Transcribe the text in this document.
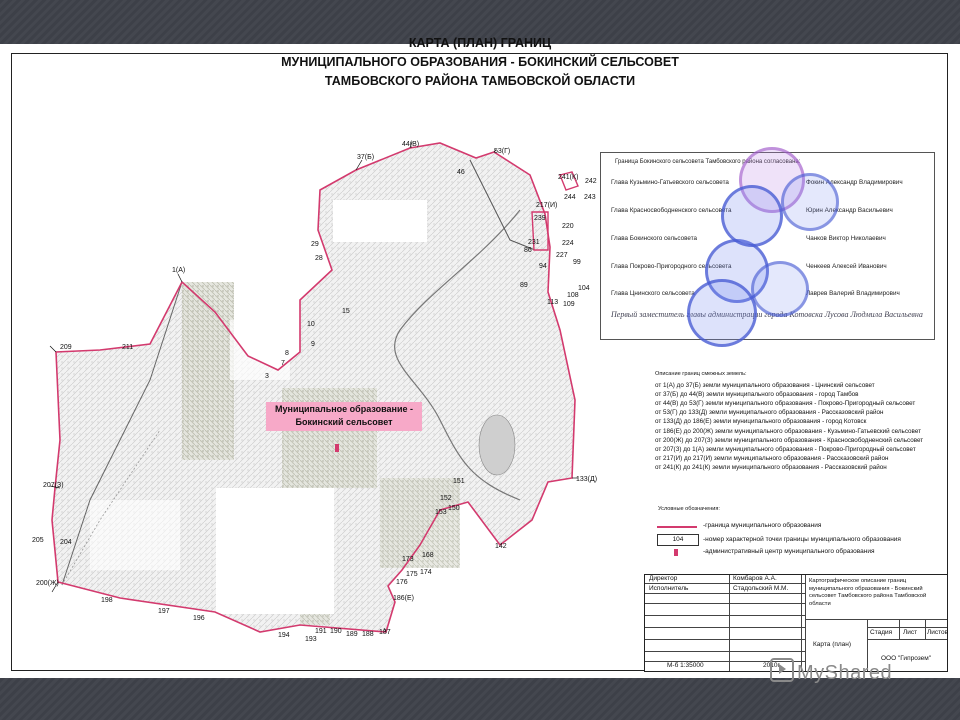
КАРТА (ПЛАН) ГРАНИЦ
МУНИЦИПАЛЬНОГО ОБРАЗОВАНИЯ - БОКИНСКИЙ СЕЛЬСОВЕТ
ТАМБОВСКОГО РАЙОНА ТАМБОВСКОЙ ОБЛАСТИ
44(В)
37(Б)
46
53(Г)
241(К)
242
243
244
217(И)
239
220
231	224
86
227
94
99
89	104
108
113 109
29
28
15
10
9
8
7
3
1(А)
209	211
207(З)
205 204
200(Ж)
198
197
196
194
193
191 190 189 188 187
186(Е)
176
175 174
173
168
151
152
150
153
142
133(Д)
Муниципальное образование -
Бокинский сельсовет
Граница Бокинского сельсовета Тамбовского района согласована:
Глава Кузьмино-Гатьевского сельсовета	Фокин Александр Владимирович
Глава Красносвободненского сельсовета	Юрин Александр Васильевич
Глава Бокинского сельсовета	Чанков Виктор Николаевич
Глава Покрово-Пригородного сельсовета	Ченкеев Алексей Иванович
Глава Цнинского сельсовета	Лаврев Валерий Владимирович
Первый заместитель главы администрации города Котовска Лусова Людмила Васильевна
Описание границ смежных земель:
от 1(А) до 37(Б) земли муниципального образования - Цнинский сельсовет
от 37(Б) до 44(В) земли муниципального образования - город Тамбов
от 44(В) до 53(Г) земли муниципального образования - Покрово-Пригородный сельсовет
от 53(Г) до 133(Д) земли муниципального образования - Рассказовский район
от 133(Д) до 186(Е) земли муниципального образования - город Котовск
от 186(Е) до 200(Ж) земли муниципального образования - Кузьмино-Гатьевский сельсовет
от 200(Ж) до 207(З) земли муниципального образования - Красносвободненский сельсовет
от 207(З) до 1(А) земли муниципального образования - Покрово-Пригородный сельсовет
от 217(И) до 217(И) земли муниципального образования - Рассказовский район
от 241(К) до 241(К) земли муниципального образования - Рассказовский район
Условные обозначения:
-граница муниципального образования
104	-номер характерной точки границы муниципального образования
-административный центр муниципального образования
Директор	Комбаров А.А.
Исполнитель	Стадольский М.М.
Картографическое описание границ муниципального образования - Бокинский сельсовет Тамбовского района Тамбовской области
Карта (план)
Стадия Лист Листов
ООО "Гипрозем"
М-б 1:35000	2010г. MyShared
